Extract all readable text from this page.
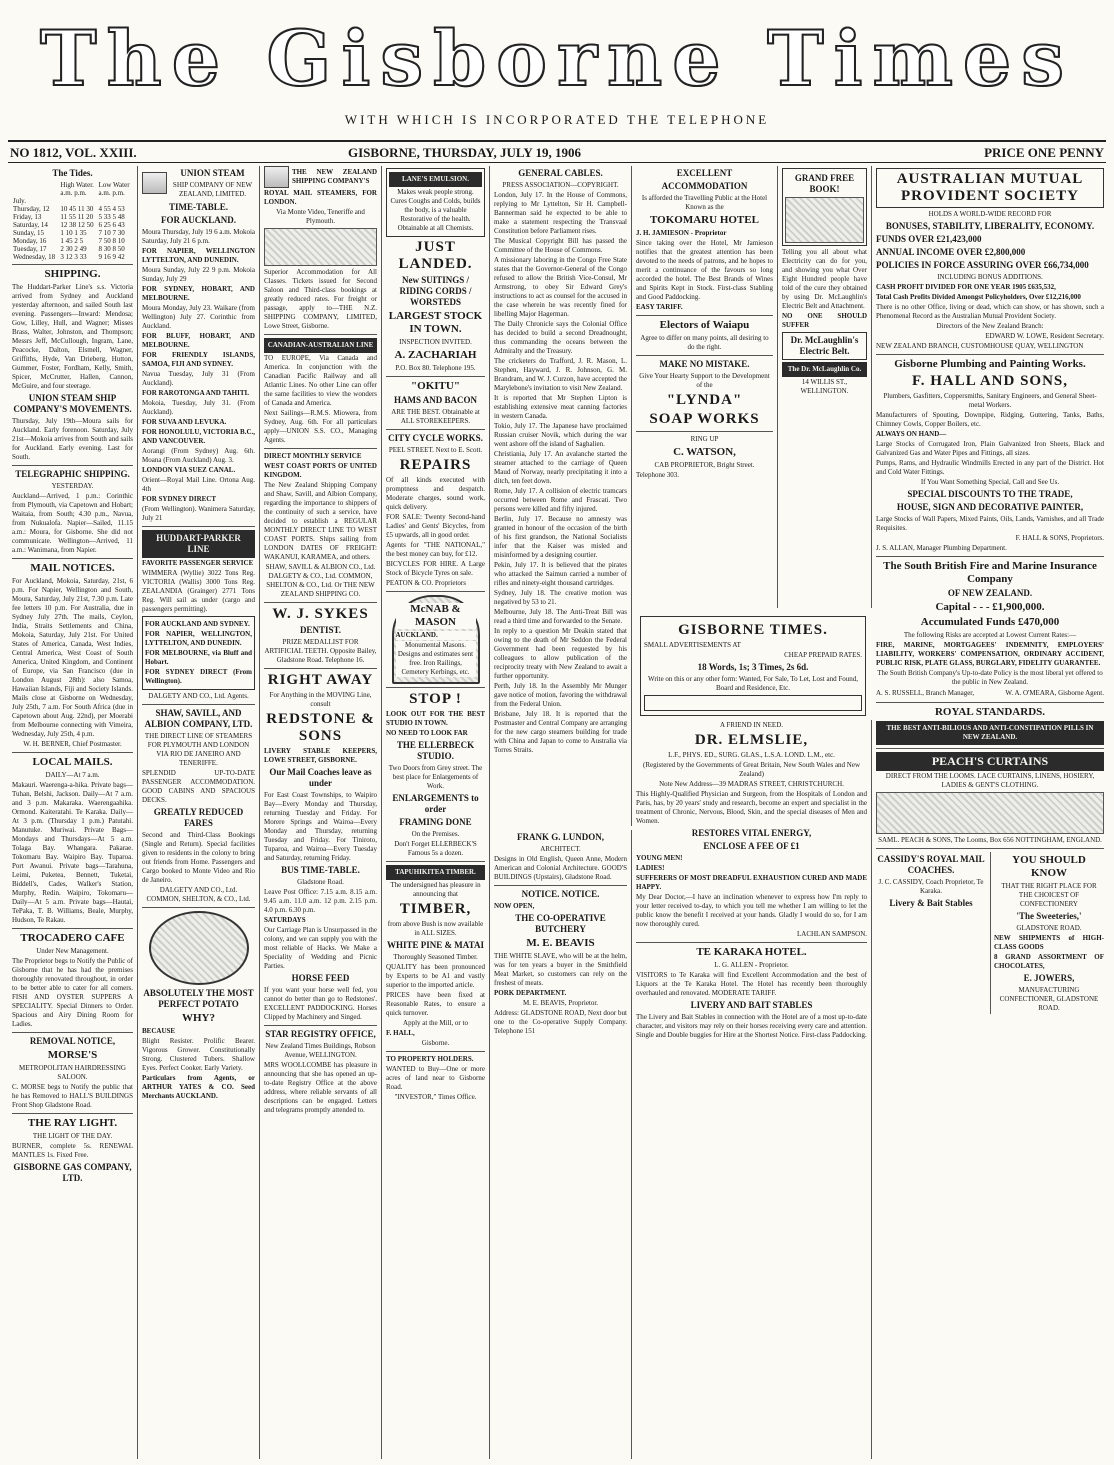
The Gisborne Times
WITH WHICH IS INCORPORATED THE TELEPHONE
NO 1812, VOL. XXIII.	GISBORNE, THURSDAY, JULY 19, 1906	PRICE ONE PENNY
The Tides.
	High Water.	Low Water
	a.m. p.m.	a.m. p.m.
July.		
Thursday, 12	10 45 11 30	4 55 4 53
Friday, 13	11 55 11 20	5 33 5 48
Saturday, 14	12 38 12 50	6 25 6 43
Sunday, 15	1 10 1 35	7 10 7 30
Monday, 16	1 45 2 5	7 50 8 10
Tuesday, 17	2 30 2 49	8 30 8 50
Wednesday, 18	3 12 3 33	9 16 9 42
SHIPPING.
The Huddart-Parker Line's s.s. Victoria arrived from Sydney and Auckland yesterday afternoon, and sailed South last evening. Passengers—Inward: Mendosa; Gow, Lilley, Hull, and Wagner; Misses Brass, Walter, Johnston, and Thompson; Messrs Jeff, McCullough, Ingram, Lane, Peacocke, Dalton, Elsmell, Wagner, Griffiths, Hyde, Van Drieberg, Hutton, Gummer, Foster, Fordham, Kelly, Smith, Spicer, McCrutter, Hallen, Cannon, McGuire, and four steerage.
UNION STEAM SHIP COMPANY'S MOVEMENTS.
Thursday, July 19th—Moura sails for Auckland. Early forenoon. Saturday, July 21st—Mokoia arrives from South and sails for Auckland. Early evening. Last for South.
TELEGRAPHIC SHIPPING.
YESTERDAY.
Auckland—Arrived, 1 p.m.: Corinthic from Plymouth, via Capetown and Hobart; Waitaia, from South; 4.30 p.m., Navua, from Nukualofa. Napier—Sailed, 11.15 a.m.: Moura, for Gisborne. She did not communicate. Wellington—Arrived, 11 a.m.: Wanimana, from Napier.
MAIL NOTICES.
For Auckland, Mokoia, Saturday, 21st, 6 p.m. For Napier, Wellington and South, Moura, Saturday, July 21st, 7.30 p.m. Late fee letters 10 p.m. For Australia, due in Sydney July 27th. The mails, Ceylon, India, Straits Settlements and China, Mokoia, Saturday, July 21st. For United States of America, Canada, West Indies, Central America, West Coast of South America, United Kingdom, and Continent of Europe, via San Francisco (due in London August 28th): also Samoa, Hawaiian Islands, Fiji and Society Islands. Mails close at Gisborne on Wednesday, July 25th, 7 a.m. For South Africa (due in Capetown about Aug. 22nd), per Moerabi from Melbourne connecting with Vimeira, Wednesday, July 25th, 4 p.m.
W. H. BERNER, Chief Postmaster.
LOCAL MAILS.
DAILY—At 7 a.m.
Makauri. Waerenga-a-hika. Private bags—Tuhan, Belshi, Jackson. Daily—At 7 a.m. and 3 p.m. Makaraka. Waerengaahika. Ormond. Kaiteratahi. Te Karaka. Daily—At 3 p.m. (Thursday 1 p.m.) Patutahi. Manutuke. Muriwai. Private Bags—Mondays and Thursdays—At 5 a.m. Tolaga Bay. Whangara. Pakarae. Tokomaru Bay. Waipiro Bay. Tuparoa. Port Awanui. Private bags—Tarahuna, Leimi, Puketea, Bennett, Tuketai, Biddell's, Cades, Walker's Station, Murphy, Redin. Waipiro, Tokomaru—Daily—At 5 a.m. Private bags—Hautai, TePaka, T. B. Williams, Beale, Murphy, Hudson, Te Rakau.
TROCADERO CAFE
Under New Management.
The Proprietor begs to Notify the Public of Gisborne that he has had the premises thoroughly renovated throughout, in order to be better able to cater for all comers. FISH AND OYSTER SUPPERS A SPECIALITY. Special Dinners to Order. Spacious and Airy Dining Room for Ladies.
REMOVAL NOTICE,
MORSE'S
METROPOLITAN HAIRDRESSING SALOON.
C. MORSE begs to Notify the public that he has Removed to HALL'S BUILDINGS Front Shop Gladstone Road.
THE RAY LIGHT.
THE LIGHT OF THE DAY.
BURNER, complete 5s. RENEWAL MANTLES 1s. Fixed Free.
GISBORNE GAS COMPANY, LTD.
UNION STEAM
SHIP COMPANY OF NEW ZEALAND, LIMITED.
TIME-TABLE.
FOR AUCKLAND.
Moura Thursday, July 19 6 a.m. Mokoia Saturday, July 21 6 p.m.
FOR NAPIER, WELLINGTON LYTTELTON, AND DUNEDIN.
Moura Sunday, July 22 9 p.m. Mokoia Sunday, July 29
FOR SYDNEY, HOBART, AND MELBOURNE.
Moura Monday, July 23. Waikare (from Wellington) July 27. Corinthic from Auckland.
FOR BLUFF, HOBART, AND MELBOURNE.
FOR FRIENDLY ISLANDS, SAMOA, FIJI AND SYDNEY.
Navua Tuesday, July 31 (From Auckland).
FOR RAROTONGA AND TAHITI.
Mokoia, Tuesday, July 31. (From Auckland).
FOR SUVA AND LEVUKA.
FOR HONOLULU, VICTORIA B.C., AND VANCOUVER.
Aorangi (From Sydney) Aug. 6th. Moana (From Auckland) Aug. 3.
LONDON VIA SUEZ CANAL.
Orient—Royal Mail Line. Ortona Aug. 4th
FOR SYDNEY DIRECT
(From Wellington). Wanimera Saturday, July 21
HUDDART-PARKER LINE
FAVORITE PASSENGER SERVICE
WIMMERA (Wyllie) 3022 Tons Reg. VICTORIA (Wallis) 3000 Tons Reg. ZEALANDIA (Grainger) 2771 Tons Reg. Will sail as under (cargo and passengers permitting).
FOR AUCKLAND AND SYDNEY.
FOR NAPIER, WELLINGTON, LYTTELTON, AND DUNEDIN.
FOR MELBOURNE, via Bluff and Hobart.
FOR SYDNEY DIRECT (From Wellington).
DALGETY AND CO., Ltd. Agents.
SHAW, SAVILL, AND ALBION COMPANY, LTD.
THE DIRECT LINE OF STEAMERS FOR PLYMOUTH AND LONDON VIA RIO DE JANEIRO AND TENERIFFE.
SPLENDID UP-TO-DATE PASSENGER ACCOMMODATION. GOOD CABINS AND SPACIOUS DECKS.
GREATLY REDUCED FARES
Second and Third-Class Bookings (Single and Return). Special facilities given to residents in the colony to bring out friends from Home. Passengers and Cargo booked to Monte Video and Rio de Janeiro.
DALGETY AND CO., Ltd. COMMON, SHELTON, & CO., Ltd.
ABSOLUTELY THE MOST PERFECT POTATO
WHY?
BECAUSE
Blight Resister. Prolific Bearer. Vigorous Grower. Constitutionally Strong. Clustered Tubers. Shallow Eyes. Perfect Cooker. Early Variety.
Particulars from Agents, or ARTHUR YATES & CO. Seed Merchants AUCKLAND.
THE NEW ZEALAND SHIPPING COMPANY'S
ROYAL MAIL STEAMERS, FOR LONDON.
Via Monte Video, Teneriffe and Plymouth.
Superior Accommodation for All Classes. Tickets issued for Second Saloon and Third-class bookings at greatly reduced rates. For freight or passage, apply to—THE N.Z. SHIPPING COMPANY, LIMITED, Lowe Street, Gisborne.
CANADIAN-AUSTRALIAN LINE
TO EUROPE, Via Canada and America. In conjunction with the Canadian Pacific Railway and all Atlantic Lines. No other Line can offer the same facilities to view the wonders of Canada and America.
Next Sailings—R.M.S. Miowera, from Sydney, Aug. 6th. For all particulars apply—UNION S.S. CO., Managing Agents.
DIRECT MONTHLY SERVICE
WEST COAST PORTS OF UNITED KINGDOM.
The New Zealand Shipping Company and Shaw, Savill, and Albion Company, regarding the importance to shippers of the continuity of such a service, have decided to establish a REGULAR MONTHLY DIRECT LINE TO WEST COAST PORTS. Ships sailing from LONDON DATES OF FREIGHT: WAKANUI, KARAMEA, and others.
SHAW, SAVILL & ALBION CO., Ltd. DALGETY & CO., Ltd. COMMON, SHELTON & CO., Ltd. Or THE NEW ZEALAND SHIPPING CO.
W. J. SYKES
DENTIST.
PRIZE MEDALLIST FOR ARTIFICIAL TEETH. Opposite Bailey, Gladstone Road. Telephone 16.
RIGHT AWAY
For Anything in the MOVING Line, consult
REDSTONE & SONS
LIVERY STABLE KEEPERS, LOWE STREET, GISBORNE.
Our Mail Coaches leave as under
For East Coast Townships, to Waipiro Bay—Every Monday and Thursday, returning Tuesday and Friday. For Morere Springs and Wairoa—Every Monday and Thursday, returning Tuesday and Friday. For Tiniroto, Tuparoa, and Wairoa—Every Tuesday and Saturday, returning Friday.
BUS TIME-TABLE.
Gladstone Road.
Leave Post Office: 7.15 a.m. 8.15 a.m. 9.45 a.m. 11.0 a.m. 12 p.m. 2.15 p.m. 4.0 p.m. 6.30 p.m.
SATURDAYS
Our Carriage Plan is Unsurpassed in the colony, and we can supply you with the most reliable of Hacks. We Make a Speciality of Wedding and Picnic Parties.
HORSE FEED
If you want your horse well fed, you cannot do better than go to Redstones'. EXCELLENT PADDOCKING. Horses Clipped by Machinery and Singed.
STAR REGISTRY OFFICE,
New Zealand Times Buildings, Robson Avenue, WELLINGTON.
MRS WOOLLCOMBE has pleasure in announcing that she has opened an up-to-date Registry Office at the above address, where reliable servants of all descriptions can be engaged. Letters and telegrams promptly attended to.
LANE'S EMULSION.
Makes weak people strong. Cures Coughs and Colds, builds the body, is a valuable Restorative of the health. Obtainable at all Chemists.
JUST LANDED.
New SUITINGS / RIDING CORDS / WORSTEDS
LARGEST STOCK IN TOWN.
INSPECTION INVITED.
A. ZACHARIAH
P.O. Box 80. Telephone 195.
"OKITU"
HAMS AND BACON
ARE THE BEST. Obtainable at ALL STOREKEEPERS.
CITY CYCLE WORKS.
PEEL STREET. Next to E. Scott.
REPAIRS
Of all kinds executed with promptness and despatch. Moderate charges, sound work, quick delivery.
FOR SALE: Twenty Second-hand Ladies' and Gents' Bicycles, from £5 upwards, all in good order.
Agents for "THE NATIONAL," the best money can buy, for £12.
BICYCLES FOR HIRE. A Large Stock of Bicycle Tyres on sale.
PEATON & CO. Proprietors
McNAB & MASON
AUCKLAND.
Monumental Masons. Designs and estimates sent free. Iron Railings, Cemetery Kerbings, etc.
STOP !
LOOK OUT FOR THE BEST STUDIO IN TOWN.
NO NEED TO LOOK FAR
THE ELLERBECK STUDIO.
Two Doors from Grey street. The best place for Enlargements of Work.
ENLARGEMENTS to order
FRAMING DONE
On the Premises.
Don't Forget ELLERBECK'S Famous 5s a dozen.
TAPUHIKITEA TIMBER.
The undersigned has pleasure in announcing that
TIMBER,
from above Bush is now available in ALL SIZES.
WHITE PINE & MATAI
Thoroughly Seasoned Timber.
QUALITY has been pronounced by Experts to be A1 and vastly superior to the imported article.
PRICES have been fixed at Reasonable Rates, to ensure a quick turnover.
Apply at the Mill, or to
F. HALL,
Gisborne.
TO PROPERTY HOLDERS.
WANTED to Buy—One or more acres of land near to Gisborne Road.
"INVESTOR," Times Office.
GENERAL CABLES.
PRESS ASSOCIATION—COPYRIGHT.
London, July 17. In the House of Commons, replying to Mr Lyttelton, Sir H. Campbell-Bannerman said he expected to be able to make a statement respecting the Transvaal Constitution before Parliament rises.
The Musical Copyright Bill has passed the Committee of the House of Commons.
A missionary laboring in the Congo Free State states that the Governor-General of the Congo refused to allow the British Vice-Consul, Mr Armstrong, to obey Sir Edward Grey's instructions to act as counsel for the accused in the case wherein he was recently fined for libelling Major Hagerman.
The Daily Chronicle says the Colonial Office has decided to build a second Dreadnought, thus commanding the oceans between the Admiralty and the Treasury.
The cricketers do Trafford, J. R. Mason, L. Stephen, Hayward, J. R. Johnson, G. M. Brandram, and W. J. Curzon, have accepted the Marylebone's invitation to visit New Zealand.
It is reported that Mr Stephen Lipton is establishing extensive meat canning factories in western Canada.
Tokio, July 17. The Japanese have proclaimed Russian cruiser Novik, which during the war went ashore off the island of Saghalien.
Christiania, July 17. An avalanche started the steamer attached to the carriage of Queen Maud of Norway, nearly precipitating it into a ditch, ten feet down.
Rome, July 17. A collision of electric tramcars occurred between Rome and Frascati. Two persons were killed and fifty injured.
Berlin, July 17. Because no amnesty was granted in honour of the occasion of the birth of his first grandson, the National Socialists infer that the Kaiser was misled and misinformed by a designing courtier.
Pekin, July 17. It is believed that the pirates who attacked the Saimun carried a number of rifles and ninety-eight thousand cartridges.
Sydney, July 18. The creative motion was negatived by 53 to 21.
Melbourne, July 18. The Anti-Treat Bill was read a third time and forwarded to the Senate.
In reply to a question Mr Deakin stated that owing to the death of Mr Seddon the Federal Government had been requested by his colleagues to allow publication of the reciprocity treaty with New Zealand to await a further opportunity.
Perth, July 18. In the Assembly Mr Munger gave notice of motion, favoring the withdrawal from the Federal Union.
Brisbane, July 18. It is reported that the Postmaster and Central Company are arranging for the new cargo steamers building for trade with China and Japan to come to Australia via Torres Straits.
EXCELLENT
ACCOMMODATION
Is afforded the Travelling Public at the Hotel Known as the
TOKOMARU HOTEL
J. H. JAMIESON - Proprietor
Since taking over the Hotel, Mr Jamieson notifies that the greatest attention has been devoted to the needs of patrons, and he hopes to merit a continuance of the favours so long accorded the hotel. The Best Brands of Wines and Spirits Kept in Stock. First-class Stabling and Good Paddocking.
EASY TARIFF.
Electors of Waiapu
Agree to differ on many points, all desiring to do the right.
MAKE NO MISTAKE.
Give Your Hearty Support to the Development of the
"LYNDA"
SOAP WORKS
RING UP
C. WATSON,
CAB PROPRIETOR, Bright Street.
Telephone 303.
GRAND FREE BOOK!
Telling you all about what Electricity can do for you, and showing you what Over Eight Hundred people have told of the cure they obtained by using Dr. McLaughlin's Electric Belt and Attachment.
NO ONE SHOULD SUFFER
Dr. McLaughlin's Electric Belt.
The Dr. McLaughlin Co.
14 WILLIS ST., WELLINGTON.
GISBORNE TIMES.
SMALL ADVERTISEMENTS AT
CHEAP PREPAID RATES.
18 Words, 1s; 3 Times, 2s 6d.
Write on this or any other form: Wanted, For Sale, To Let, Lost and Found, Board and Residence, Etc.
FRANK G. LUNDON,
ARCHITECT.
Designs in Old English, Queen Anne, Modern American and Colonial Architecture. GOOD'S BUILDINGS (Upstairs), Gladstone Road.
NOTICE. NOTICE.
NOW OPEN,
THE CO-OPERATIVE BUTCHERY
M. E. BEAVIS
THE WHITE SLAVE, who will be at the helm, was for ten years a buyer in the Smithfield Meat Market, so customers can rely on the freshest of meats.
PORK DEPARTMENT.
M. E. BEAVIS, Proprietor.
Address: GLADSTONE ROAD, Next door but one to the Co-operative Supply Company. Telephone 151
A FRIEND IN NEED.
DR. ELMSLIE,
L.F., PHYS. ED., SURG. GLAS., L.S.A. LOND. L.M., etc.
(Registered by the Governments of Great Britain, New South Wales and New Zealand)
Note New Address—39 MADRAS STREET, CHRISTCHURCH.
This Highly-Qualified Physician and Surgeon, from the Hospitals of London and Paris, has, by 20 years' study and research, become an expert and specialist in the treatment of Chronic, Nervous, Blood, Skin, and the special diseases of Men and Women.
RESTORES VITAL ENERGY,
ENCLOSE A FEE OF £1
YOUNG MEN!
LADIES!
SUFFERERS OF MOST DREADFUL EXHAUSTION CURED AND MADE HAPPY.
My Dear Doctor,—I have an inclination whenever to express how I'm reply to your letter received to-day, to which you tell me whether I am willing to let the public know the benefit I received at your hands. Gladly I would do so, for I am now thoroughly cured.
LACHLAN SAMPSON.
TE KARAKA HOTEL.
L. G. ALLEN - Proprietor.
VISITORS to Te Karaka will find Excellent Accommodation and the best of Liquors at the Te Karaka Hotel. The Hotel has recently been thoroughly overhauled and renovated. MODERATE TARIFF.
LIVERY AND BAIT STABLES
The Livery and Bait Stables in connection with the Hotel are of a most up-to-date character, and visitors may rely on their horses receiving every care and attention. Single and Double buggies for Hire at the Shortest Notice. First-class Paddocking.
AUSTRALIAN MUTUAL PROVIDENT SOCIETY
HOLDS A WORLD-WIDE RECORD FOR
BONUSES, STABILITY, LIBERALITY, ECONOMY.
FUNDS OVER £21,423,000
ANNUAL INCOME OVER £2,800,000
POLICIES IN FORCE ASSURING OVER £66,734,000
INCLUDING BONUS ADDITIONS.
CASH PROFIT DIVIDED FOR ONE YEAR 1905 £635,532,
Total Cash Profits Divided Amongst Policyholders, Over £12,216,000
There is no other Office, living or dead, which can show, or has shown, such a Phenomenal Record as the Australian Mutual Provident Society.
Directors of the New Zealand Branch:
EDWARD W. LOWE, Resident Secretary.
NEW ZEALAND BRANCH, CUSTOMHOUSE QUAY, WELLINGTON
Gisborne Plumbing and Painting Works.
F. HALL AND SONS,
Plumbers, Gasfitters, Coppersmiths, Sanitary Engineers, and General Sheet-metal Workers.
Manufacturers of Spouting, Downpipe, Ridging, Guttering, Tanks, Baths, Chimney Cowls, Copper Boilers, etc.
ALWAYS ON HAND—
Large Stocks of Corrugated Iron, Plain Galvanized Iron Sheets, Black and Galvanized Gas and Water Pipes and Fittings, all sizes.
Pumps, Rams, and Hydraulic Windmills Erected in any part of the District. Hot and Cold Water Fittings.
If You Want Something Special, Call and See Us.
SPECIAL DISCOUNTS TO THE TRADE,
HOUSE, SIGN AND DECORATIVE PAINTER,
Large Stocks of Wall Papers, Mixed Paints, Oils, Lands, Varnishes, and all Trade Requisites.
F. HALL & SONS, Proprietors.
J. S. ALLAN, Manager Plumbing Department.
The South British Fire and Marine Insurance Company
OF NEW ZEALAND.
Capital - - - £1,900,000.
Accumulated Funds £470,000
The following Risks are accepted at Lowest Current Rates:—
FIRE, MARINE, MORTGAGEES' INDEMNITY, EMPLOYERS' LIABILITY, WORKERS' COMPENSATION, ORDINARY ACCIDENT, PUBLIC RISK, PLATE GLASS, BURGLARY, FIDELITY GUARANTEE.
The South British Company's Up-to-date Policy is the most liberal yet offered to the public in New Zealand.
A. S. RUSSELL, Branch Manager,	W. A. O'MEARA, Gisborne Agent.
ROYAL STANDARDS.
THE BEST ANTI-BILIOUS AND ANTI-CONSTIPATION PILLS IN NEW ZEALAND.
PEACH'S CURTAINS
DIRECT FROM THE LOOMS. LACE CURTAINS, LINENS, HOSIERY, LADIES & GENT'S CLOTHING.
SAML. PEACH & SONS, The Looms, Box 656 NOTTINGHAM, ENGLAND.
CASSIDY'S ROYAL MAIL COACHES.
J. C. CASSIDY, Coach Proprietor, Te Karaka.
Livery & Bait Stables
YOU SHOULD KNOW
THAT THE RIGHT PLACE FOR THE CHOICEST OF CONFECTIONERY
'The Sweeteries,'
GLADSTONE ROAD.
NEW SHIPMENTS of HIGH-CLASS GOODS
8 GRAND ASSORTMENT OF CHOCOLATES,
E. JOWERS,
MANUFACTURING CONFECTIONER, GLADSTONE ROAD.
